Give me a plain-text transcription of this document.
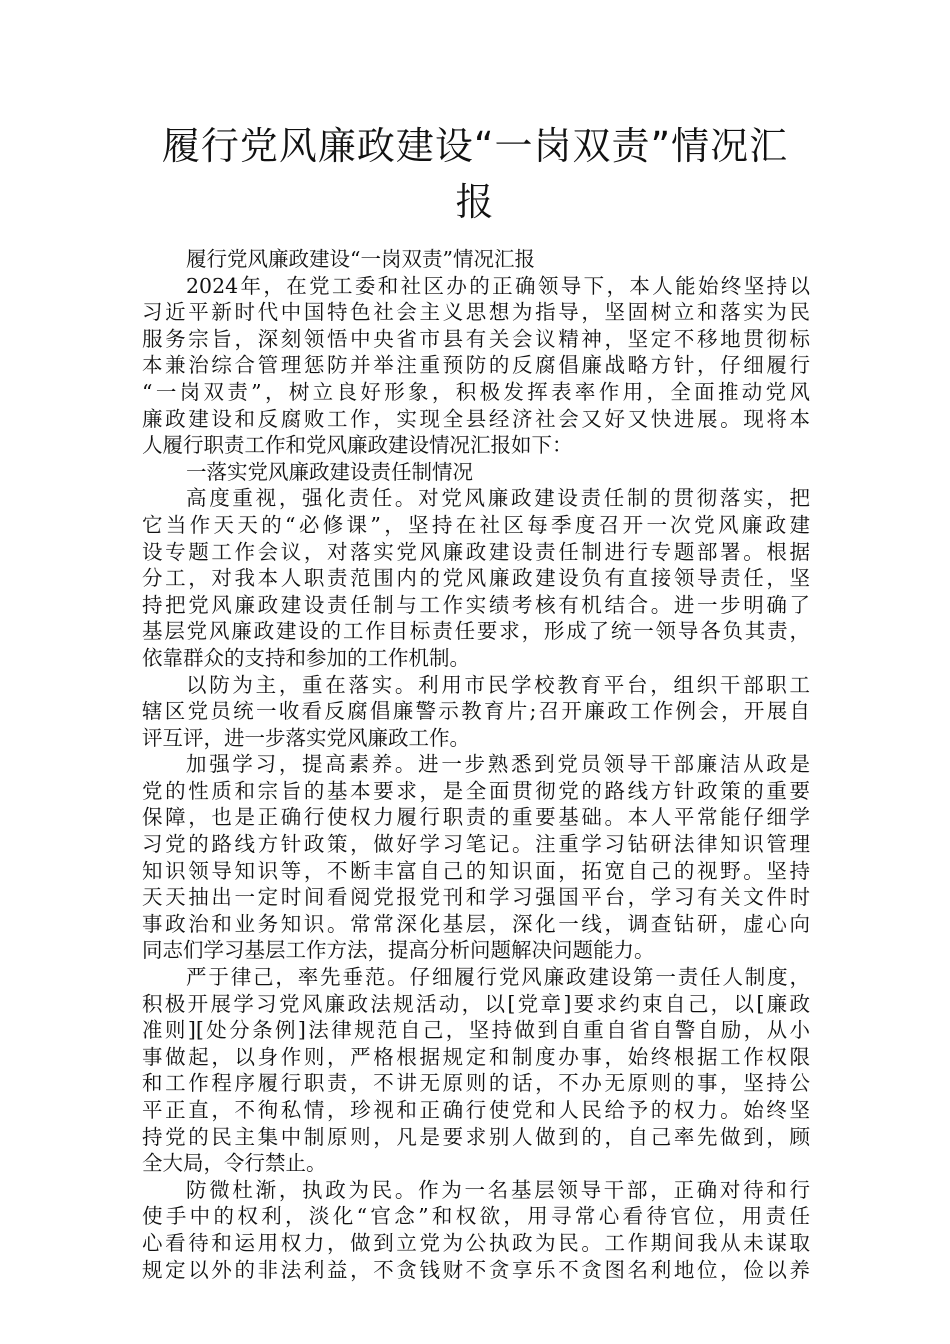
履行党风廉政建设“一岗双责”情况汇
报
履行党风廉政建设“一岗双责”情况汇报
2024年，在党工委和社区办的正确领导下，本人能始终坚持以
习近平新时代中国特色社会主义思想为指导，坚固树立和落实为民
服务宗旨，深刻领悟中央省市县有关会议精神，坚定不移地贯彻标
本兼治综合管理惩防并举注重预防的反腐倡廉战略方针，仔细履行
“一岗双责”，树立良好形象，积极发挥表率作用，全面推动党风
廉政建设和反腐败工作，实现全县经济社会又好又快进展。现将本
人履行职责工作和党风廉政建设情况汇报如下：
一落实党风廉政建设责任制情况
高度重视，强化责任。对党风廉政建设责任制的贯彻落实，把
它当作天天的“必修课”，坚持在社区每季度召开一次党风廉政建
设专题工作会议，对落实党风廉政建设责任制进行专题部署。根据
分工，对我本人职责范围内的党风廉政建设负有直接领导责任，坚
持把党风廉政建设责任制与工作实绩考核有机结合。进一步明确了
基层党风廉政建设的工作目标责任要求，形成了统一领导各负其责，
依靠群众的支持和参加的工作机制。
以防为主，重在落实。利用市民学校教育平台，组织干部职工
辖区党员统一收看反腐倡廉警示教育片;召开廉政工作例会，开展自
评互评，进一步落实党风廉政工作。
加强学习，提高素养。进一步熟悉到党员领导干部廉洁从政是
党的性质和宗旨的基本要求，是全面贯彻党的路线方针政策的重要
保障，也是正确行使权力履行职责的重要基础。本人平常能仔细学
习党的路线方针政策，做好学习笔记。注重学习钻研法律知识管理
知识领导知识等，不断丰富自己的知识面，拓宽自己的视野。坚持
天天抽出一定时间看阅党报党刊和学习强国平台，学习有关文件时
事政治和业务知识。常常深化基层，深化一线，调查钻研，虚心向
同志们学习基层工作方法，提高分析问题解决问题能力。
严于律己，率先垂范。仔细履行党风廉政建设第一责任人制度，
积极开展学习党风廉政法规活动，以[党章]要求约束自己，以[廉政
准则][处分条例]法律规范自己，坚持做到自重自省自警自励，从小
事做起，以身作则，严格根据规定和制度办事，始终根据工作权限
和工作程序履行职责，不讲无原则的话，不办无原则的事，坚持公
平正直，不徇私情，珍视和正确行使党和人民给予的权力。始终坚
持党的民主集中制原则，凡是要求别人做到的，自己率先做到，顾
全大局，令行禁止。
防微杜渐，执政为民。作为一名基层领导干部，正确对待和行
使手中的权利，淡化“官念”和权欲，用寻常心看待官位，用责任
心看待和运用权力，做到立党为公执政为民。工作期间我从未谋取
规定以外的非法利益，不贪钱财不贪享乐不贪图名利地位，俭以养
